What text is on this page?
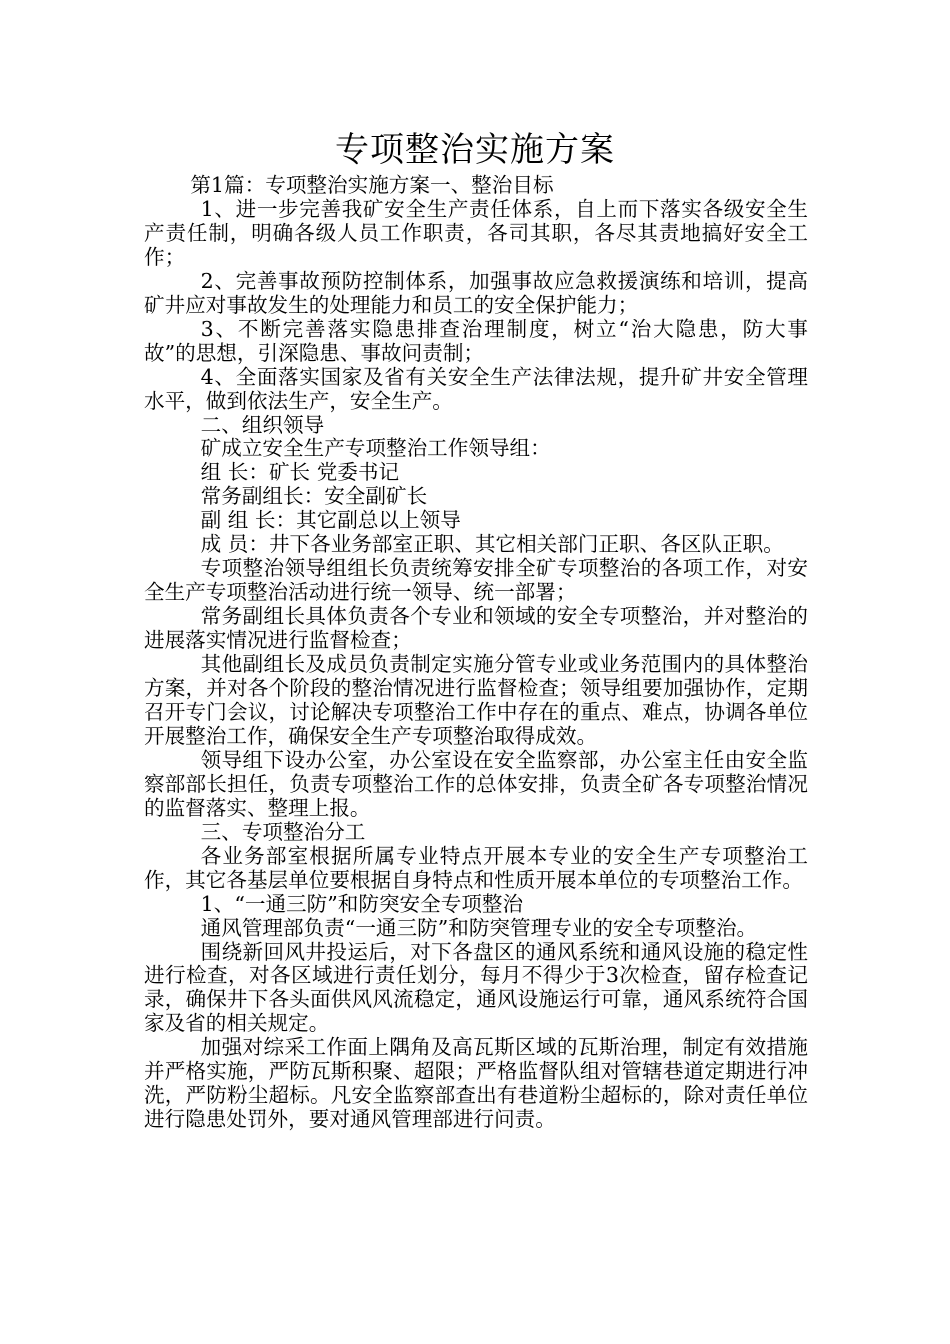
专项整治实施方案

第1篇：专项整治实施方案一、整治目标

1、进一步完善我矿安全生产责任体系，自上而下落实各级安全生产责任制，明确各级人员工作职责，各司其职，各尽其责地搞好安全工作；

2、完善事故预防控制体系，加强事故应急救援演练和培训，提高矿井应对事故发生的处理能力和员工的安全保护能力；

3、不断完善落实隐患排查治理制度，树立“治大隐患，防大事故”的思想，引深隐患、事故问责制；

4、全面落实国家及省有关安全生产法律法规，提升矿井安全管理水平，做到依法生产，安全生产。

二、组织领导

矿成立安全生产专项整治工作领导组：

组 长：矿长 党委书记

常务副组长：安全副矿长

副 组 长：其它副总以上领导

成 员：井下各业务部室正职、其它相关部门正职、各区队正职。

专项整治领导组组长负责统筹安排全矿专项整治的各项工作，对安全生产专项整治活动进行统一领导、统一部署；

常务副组长具体负责各个专业和领域的安全专项整治，并对整治的进展落实情况进行监督检查；

其他副组长及成员负责制定实施分管专业或业务范围内的具体整治方案，并对各个阶段的整治情况进行监督检查；领导组要加强协作，定期召开专门会议，讨论解决专项整治工作中存在的重点、难点，协调各单位开展整治工作，确保安全生产专项整治取得成效。

领导组下设办公室，办公室设在安全监察部，办公室主任由安全监察部部长担任，负责专项整治工作的总体安排，负责全矿各专项整治情况的监督落实、整理上报。

三、专项整治分工

各业务部室根据所属专业特点开展本专业的安全生产专项整治工作，其它各基层单位要根据自身特点和性质开展本单位的专项整治工作。

1、“一通三防”和防突安全专项整治

通风管理部负责“一通三防”和防突管理专业的安全专项整治。

围绕新回风井投运后，对下各盘区的通风系统和通风设施的稳定性进行检查，对各区域进行责任划分，每月不得少于3次检查，留存检查记录，确保井下各头面供风风流稳定，通风设施运行可靠，通风系统符合国家及省的相关规定。

加强对综采工作面上隅角及高瓦斯区域的瓦斯治理，制定有效措施并严格实施，严防瓦斯积聚、超限；严格监督队组对管辖巷道定期进行冲洗，严防粉尘超标。凡安全监察部查出有巷道粉尘超标的，除对责任单位进行隐患处罚外，要对通风管理部进行问责。
